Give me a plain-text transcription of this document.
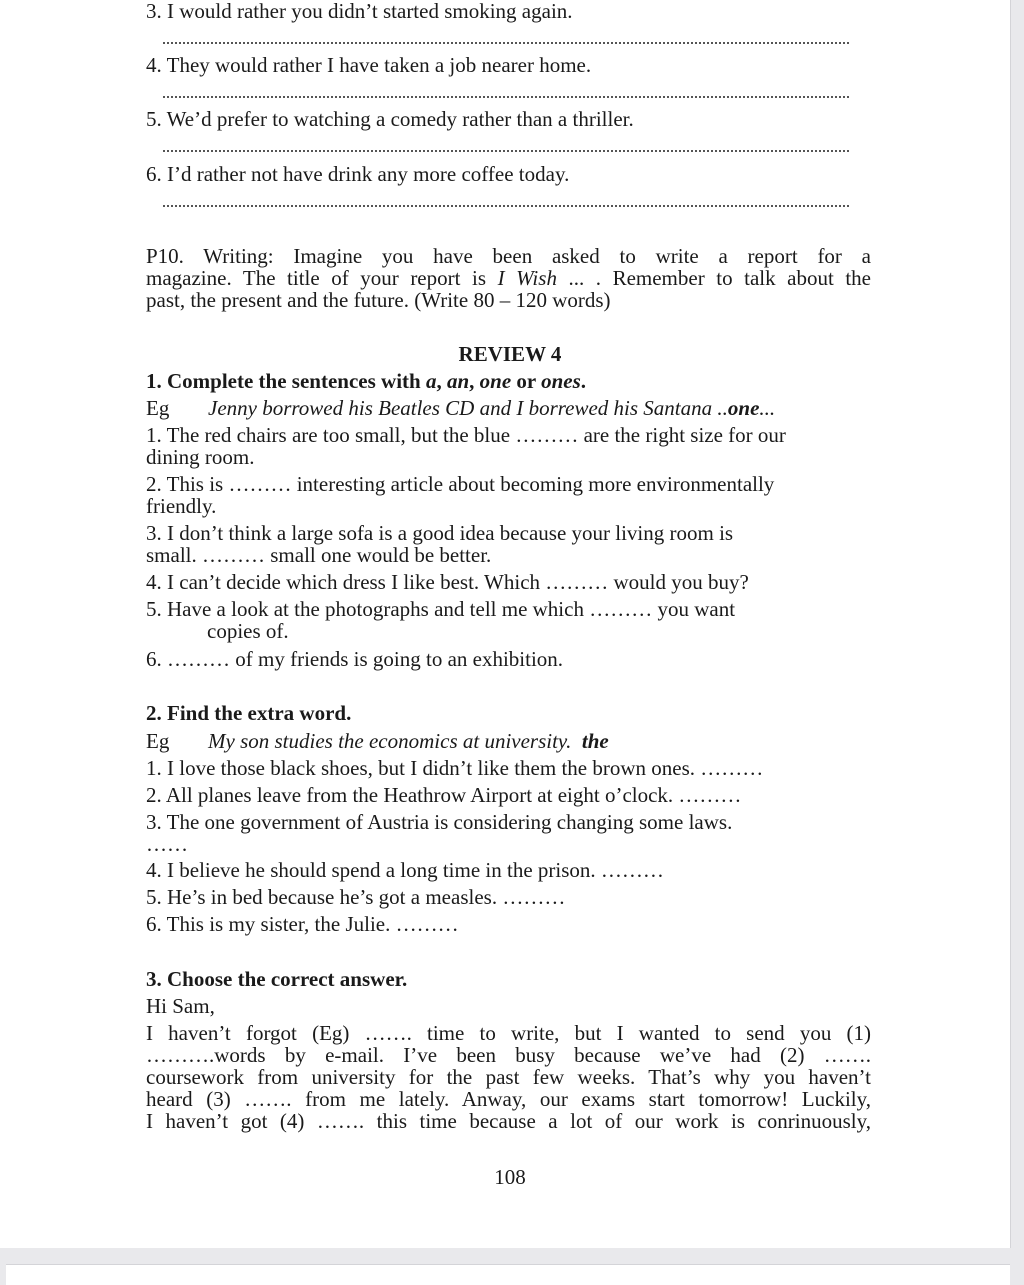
3. I would rather you didn’t started smoking again.
4. They would rather I have taken a job nearer home.
5. We’d prefer to watching a comedy rather than a thriller.
6. I’d rather not have drink any more coffee today.
P10. Writing: Imagine you have been asked to write a report for a
magazine. The title of your report is I Wish ... . Remember to talk about the
past, the present and the future. (Write 80 – 120 words)
REVIEW 4
1. Complete the sentences with a, an, one or ones.
Eg Jenny borrowed his Beatles CD and I borrewed his Santana ..one...
1. The red chairs are too small, but the blue ……… are the right size for our
dining room.
2. This is ……… interesting article about becoming more environmentally
friendly.
3. I don’t think a large sofa is a good idea because your living room is
small. ……… small one would be better.
4. I can’t decide which dress I like best. Which ……… would you buy?
5. Have a look at the photographs and tell me which ……… you want
copies of.
6. ……… of my friends is going to an exhibition.
2. Find the extra word.
Eg My son studies the economics at university. the
1. I love those black shoes, but I didn’t like them the brown ones. ………
2. All planes leave from the Heathrow Airport at eight o’clock. ………
3. The one government of Austria is considering changing some laws.
……
4. I believe he should spend a long time in the prison. ………
5. He’s in bed because he’s got a measles. ………
6. This is my sister, the Julie. ………
3. Choose the correct answer.
Hi Sam,
I haven’t forgot (Eg) ……. time to write, but I wanted to send you (1)
……….words by e-mail. I’ve been busy because we’ve had (2) …….
coursework from university for the past few weeks. That’s why you haven’t
heard (3) ……. from me lately. Anway, our exams start tomorrow! Luckily,
I haven’t got (4) ……. this time because a lot of our work is conrinuously,
108
